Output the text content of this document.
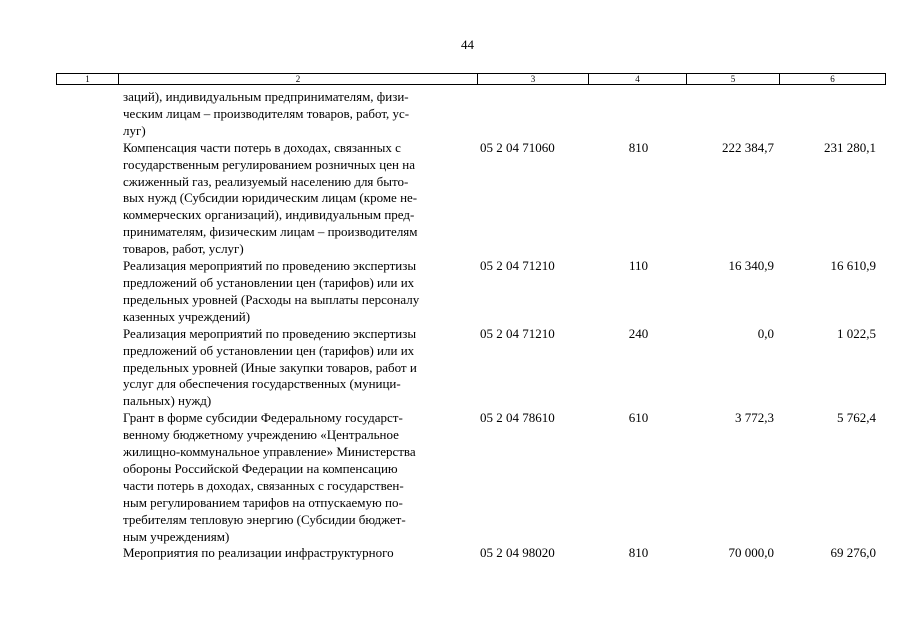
44
1	2	3	4	5	6
заций), индивидуальным предпринимателям, физи-
ческим лицам – производителям товаров, работ, ус-
луг)
Компенсация части потерь в доходах, связанных с
государственным регулированием розничных цен на
сжиженный газ, реализуемый населению для быто-
вых нужд (Субсидии юридическим лицам (кроме не-
коммерческих организаций), индивидуальным пред-
принимателям, физическим лицам – производителям
товаров, работ, услуг)
05 2 04 71060	810	222 384,7	231 280,1
Реализация мероприятий по проведению экспертизы
предложений об установлении цен (тарифов) или их
предельных уровней (Расходы на выплаты персоналу
казенных учреждений)
05 2 04 71210	110	16 340,9	16 610,9
Реализация мероприятий по проведению экспертизы
предложений об установлении цен (тарифов) или их
предельных уровней (Иные закупки товаров, работ и
услуг для обеспечения государственных (муници-
пальных) нужд)
05 2 04 71210	240	0,0	1 022,5
Грант в форме субсидии Федеральному государст-
венному бюджетному учреждению «Центральное
жилищно-коммунальное управление» Министерства
обороны Российской Федерации на компенсацию
части потерь в доходах, связанных с государствен-
ным регулированием тарифов на отпускаемую по-
требителям тепловую энергию (Субсидии бюджет-
ным учреждениям)
05 2 04 78610	610	3 772,3	5 762,4
Мероприятия по реализации инфраструктурного	05 2 04 98020	810	70 000,0	69 276,0
